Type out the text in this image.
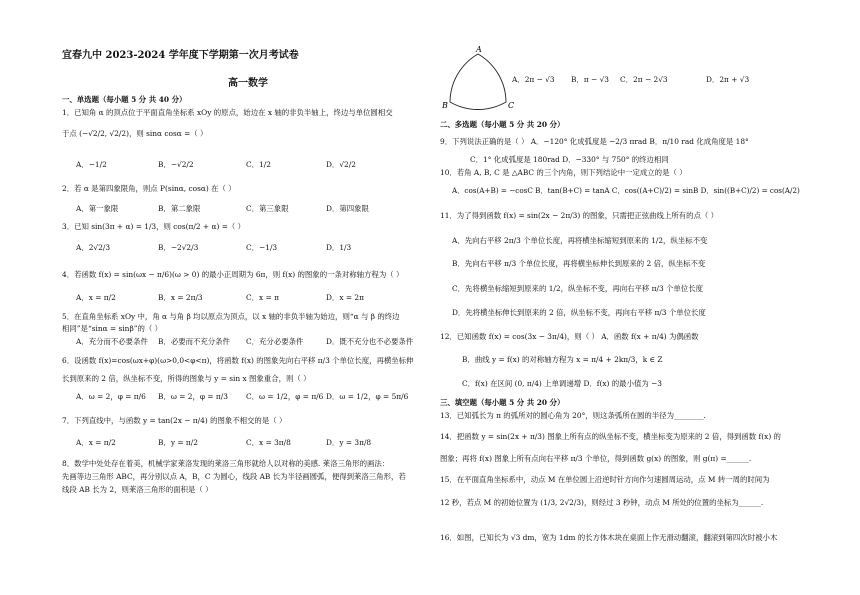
宜春九中 2023-2024 学年度下学期第一次月考试卷
高一数学
一、单选题（每小题 5 分 共 40 分）
1．已知角 α 的顶点位于平面直角坐标系 xOy 的原点，始边在 x 轴的非负半轴上，终边与单位圆相交
于点 (−√2/2, √2/2)，则 sinα cosα =（ ）
A．−1/2	B．−√2/2	C．1/2	D．√2/2
2．若 α 是第四象限角，则点 P(sinα, cosα) 在（ ）
A．第一象限	B．第二象限	C．第三象限	D．第四象限
3．已知 sin(3π + α) = 1/3，则 cos(π/2 + α) =（ ）
A．2√2/3	B．−2√2/3	C．−1/3	D．1/3
4．若函数 f(x) = sin(ωx − π/6)(ω > 0) 的最小正周期为 6π，则 f(x) 的图象的一条对称轴方程为（ ）
A．x = π/2	B．x = 2π/3	C．x = π	D．x = 2π
5．在直角坐标系 xOy 中，角 α 与角 β 均以原点为顶点，以 x 轴的非负半轴为始边，则“α 与 β 的终边
相同”是“sinα = sinβ”的（ ）
A．充分而不必要条件 B．必要而不充分条件 C．充分必要条件	D．既不充分也不必要条件
6．设函数 f(x)=cos(ωx+φ)(ω>0,0<φ<π)，将函数 f(x) 的图象先向右平移 π/3 个单位长度，再横坐标伸
长到原来的 2 倍，纵坐标不变，所得的图象与 y = sin x 图象重合，则（ ）
A．ω = 2，φ = π/6 B．ω = 2，φ = π/3 C．ω = 1/2，φ = π/6 D．ω = 1/2，φ = 5π/6
7．下列直线中，与函数 y = tan(2x − π/4) 的图象不相交的是（ ）
A．x = π/2	B．y = π/2	C．x = 3π/8	D．y = 3π/8
8．数学中处处存在着美，机械学家莱洛发现的莱洛三角形就给人以对称的美感. 莱洛三角形的画法：
先画等边三角形 ABC，再分别以点 A，B，C 为圆心，线段 AB 长为半径画圆弧，便得到莱洛三角形，若
线段 AB 长为 2，则莱洛三角形的面积是（ ）
A
B	C
A．2π − √3 B．π − √3 C．2π − 2√3	D．2π + √3
二、多选题（每小题 5 分 共 20 分）
9．下列说法正确的是（ ） A．−120° 化成弧度是 −2/3 πrad B．π/10 rad 化成角度是 18°
C．1° 化成弧度是 180rad D．−330° 与 750° 的终边相同
10．若角 A, B, C 是 △ABC 的三个内角，则下列结论中一定成立的是（ ）
A．cos(A+B) = −cosC B．tan(B+C) = tanA C．cos((A+C)/2) = sinB D．sin((B+C)/2) = cos(A/2)
11．为了得到函数 f(x) = sin(2x − 2π/3) 的图象，只需把正弦曲线上所有的点（ ）
A．先向右平移 2π/3 个单位长度，再将横坐标缩短到原来的 1/2，纵坐标不变
B．先向右平移 π/3 个单位长度，再将横坐标伸长到原来的 2 倍，纵坐标不变
C．先将横坐标缩短到原来的 1/2，纵坐标不变，再向右平移 π/3 个单位长度
D．先将横坐标伸长到原来的 2 倍，纵坐标不变，再向右平移 π/3 个单位长度
12．已知函数 f(x) = cos(3x − 3π/4)，则（ ） A．函数 f(x + π/4) 为偶函数
B．曲线 y = f(x) 的对称轴方程为 x = π/4 + 2kπ/3，k ∈ Z
C．f(x) 在区间 (0, π/4) 上单调递增 D．f(x) 的最小值为 −3
三、填空题（每小题 5 分 共 20 分）
13．已知弧长为 π 的弧所对的圆心角为 20°，则这条弧所在圆的半径为________.
14．把函数 y = sin(2x + π/3) 图象上所有点的纵坐标不变，横坐标变为原来的 2 倍，得到函数 f(x) 的
图象；再将 f(x) 图象上所有点向右平移 π/3 个单位，得到函数 g(x) 的图象，则 g(π) =______.
15．在平面直角坐标系中，动点 M 在单位圆上沿逆时针方向作匀速圆周运动，点 M 转一周的时间为
12 秒，若点 M 的初始位置为 (1/3, 2√2/3)，则经过 3 秒钟，动点 M 所处的位置的坐标为______.
16．如图，已知长为 √3 dm，宽为 1dm 的长方体木块在桌面上作无滑动翻滚，翻滚到第四次时被小木
